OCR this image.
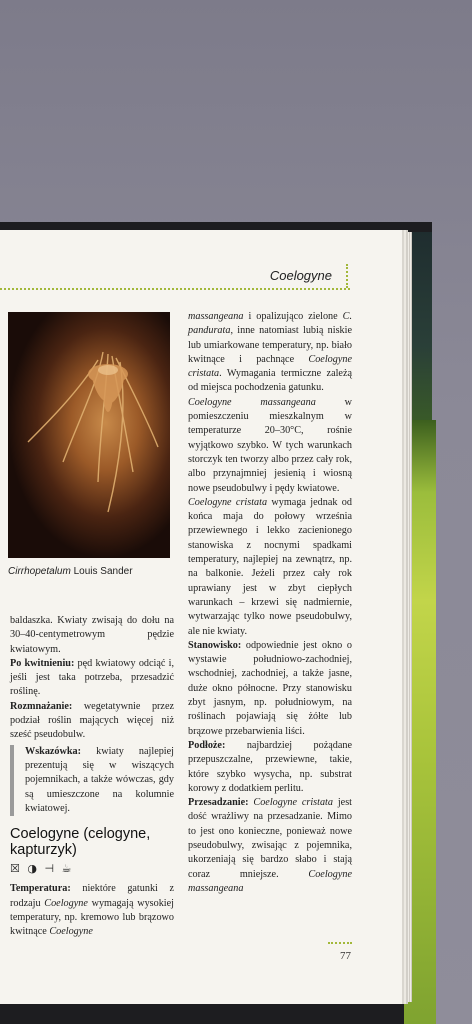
Coelogyne
Cirrhopetalum Louis Sander

baldaszka. Kwiaty zwisają do dołu na 30–40-centymetrowym pędzie kwiatowym.

Po kwitnieniu: pęd kwiatowy odciąć i, jeśli jest taka potrzeba, przesadzić roślinę.

Rozmnażanie: wegetatywnie przez podział roślin mających więcej niż sześć pseudobulw.

Wskazówka: kwiaty najlepiej prezentują się w wiszących pojemnikach, a także wówczas, gdy są umieszczone na kolumnie kwiatowej.

Coelogyne (celogyne, kapturzyk)
☒ ◑ ⊣ ☕

Temperatura: niektóre gatunki z rodzaju Coelogyne wymagają wysokiej temperatury, np. kremowo lub brązowo kwitnące Coelogyne

massangeana i opalizująco zielone C. pandurata, inne natomiast lubią niskie lub umiarkowane temperatury, np. biało kwitnące i pachnące Coelogyne cristata. Wymagania termiczne zależą od miejsca pochodzenia gatunku.

Coelogyne massangeana w pomieszczeniu mieszkalnym w temperaturze 20–30°C, rośnie wyjątkowo szybko. W tych warunkach storczyk ten tworzy albo przez cały rok, albo przynajmniej jesienią i wiosną nowe pseudobulwy i pędy kwiatowe.

Coelogyne cristata wymaga jednak od końca maja do połowy września przewiewnego i lekko zacienionego stanowiska z nocnymi spadkami temperatury, najlepiej na zewnątrz, np. na balkonie. Jeżeli przez cały rok uprawiany jest w zbyt ciepłych warunkach – krzewi się nadmiernie, wytwarzając tylko nowe pseudobulwy, ale nie kwiaty.

Stanowisko: odpowiednie jest okno o wystawie południowo-zachodniej, wschodniej, zachodniej, a także jasne, duże okno północne. Przy stanowisku zbyt jasnym, np. południowym, na roślinach pojawiają się żółte lub brązowe przebarwienia liści.

Podłoże: najbardziej pożądane przepuszczalne, przewiewne, takie, które szybko wysycha, np. substrat korowy z dodatkiem perlitu.

Przesadzanie: Coelogyne cristata jest dość wrażliwy na przesadzanie. Mimo to jest ono konieczne, ponieważ nowe pseudobulwy, zwisając z pojemnika, ukorzeniają się bardzo słabo i stają coraz mniejsze. Coelogyne massangeana

77
